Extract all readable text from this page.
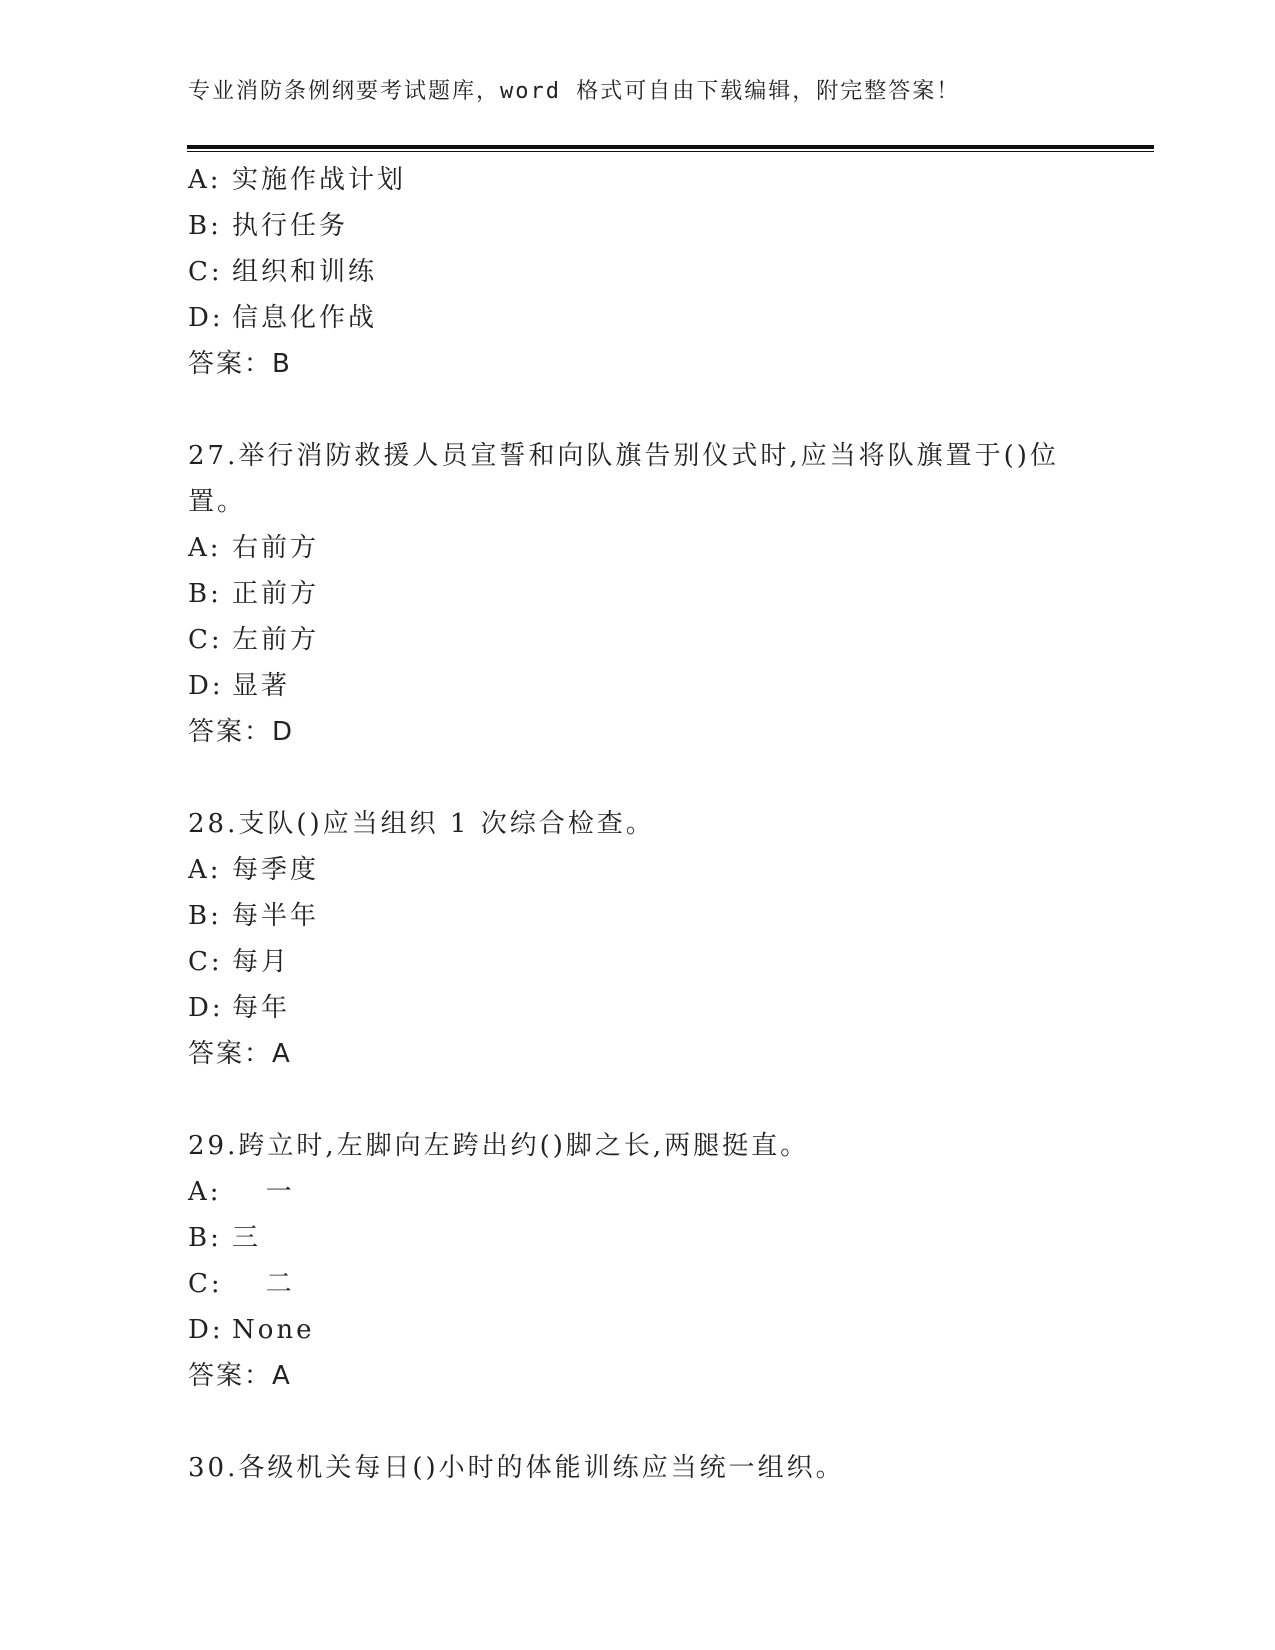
专业消防条例纲要考试题库，word 格式可自由下载编辑，附完整答案！
A: 实施作战计划
B: 执行任务
C: 组织和训练
D: 信息化作战
答案：B
27.举行消防救援人员宣誓和向队旗告别仪式时,应当将队旗置于()位置。
A: 右前方
B: 正前方
C: 左前方
D: 显著
答案：D
28.支队()应当组织 1 次综合检查。
A: 每季度
B: 每半年
C: 每月
D: 每年
答案：A
29.跨立时,左脚向左跨出约()脚之长,两腿挺直。
A:   一
B: 三
C:   二
D: None
答案：A
30.各级机关每日()小时的体能训练应当统一组织。
